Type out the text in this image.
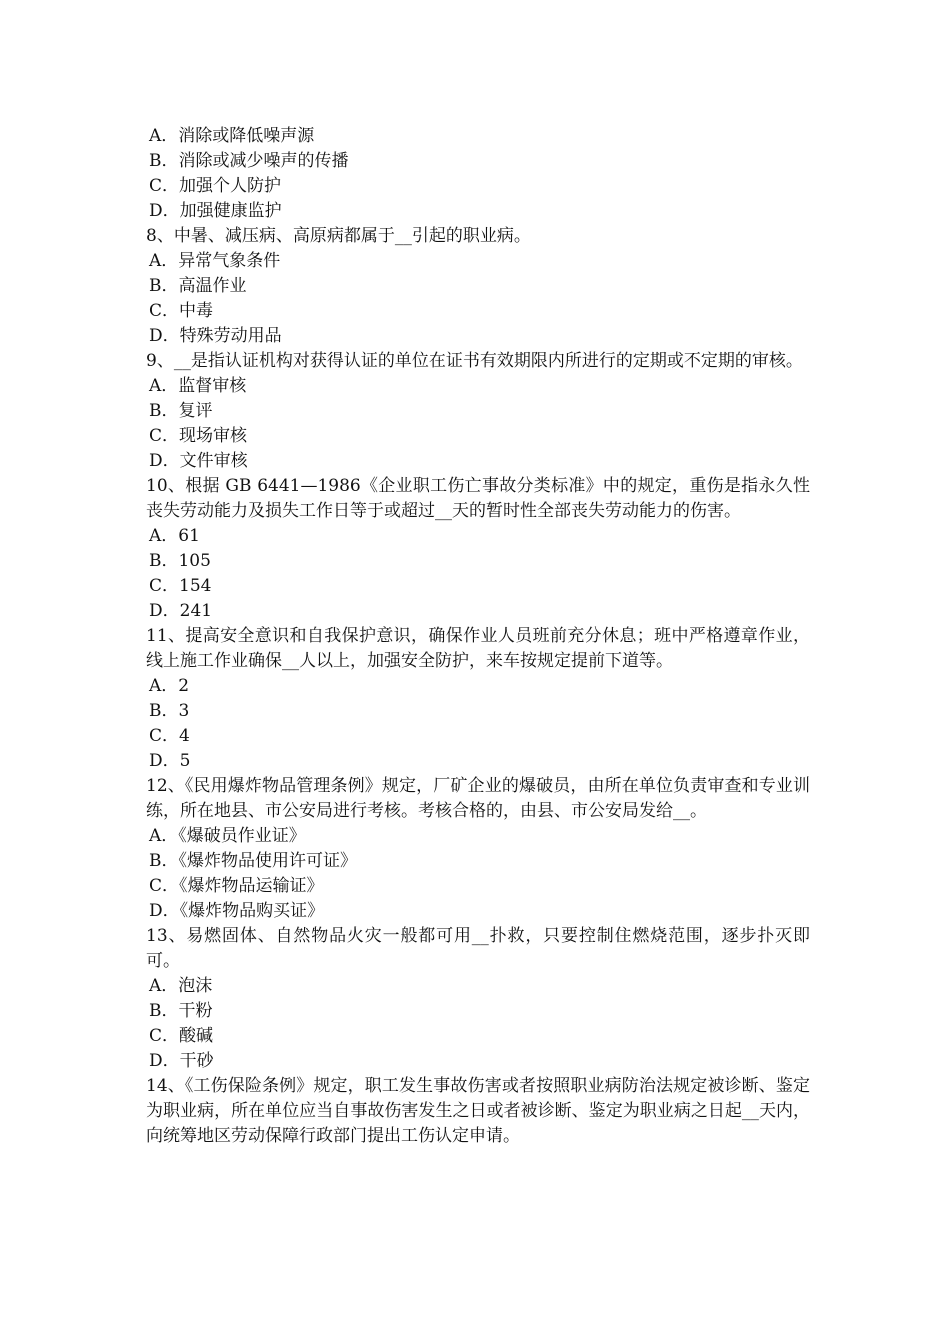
A．消除或降低噪声源
B．消除或减少噪声的传播
C．加强个人防护
D．加强健康监护
8、中暑、减压病、高原病都属于__引起的职业病。
A．异常气象条件
B．高温作业
C．中毒
D．特殊劳动用品
9、__是指认证机构对获得认证的单位在证书有效期限内所进行的定期或不定期的审核。
A．监督审核
B．复评
C．现场审核
D．文件审核
10、根据 GB 6441—1986《企业职工伤亡事故分类标准》中的规定，重伤是指永久性丧失劳动能力及损失工作日等于或超过__天的暂时性全部丧失劳动能力的伤害。
A．61
B．105
C．154
D．241
11、提高安全意识和自我保护意识，确保作业人员班前充分休息；班中严格遵章作业，线上施工作业确保__人以上，加强安全防护，来车按规定提前下道等。
A．2
B．3
C．4
D．5
12、《民用爆炸物品管理条例》规定，厂矿企业的爆破员，由所在单位负责审查和专业训练，所在地县、市公安局进行考核。考核合格的，由县、市公安局发给__。
A．《爆破员作业证》
B．《爆炸物品使用许可证》
C．《爆炸物品运输证》
D．《爆炸物品购买证》
13、易燃固体、自然物品火灾一般都可用__扑救，只要控制住燃烧范围，逐步扑灭即可。
A．泡沫
B．干粉
C．酸碱
D．干砂
14、《工伤保险条例》规定，职工发生事故伤害或者按照职业病防治法规定被诊断、鉴定为职业病，所在单位应当自事故伤害发生之日或者被诊断、鉴定为职业病之日起__天内，向统筹地区劳动保障行政部门提出工伤认定申请。
